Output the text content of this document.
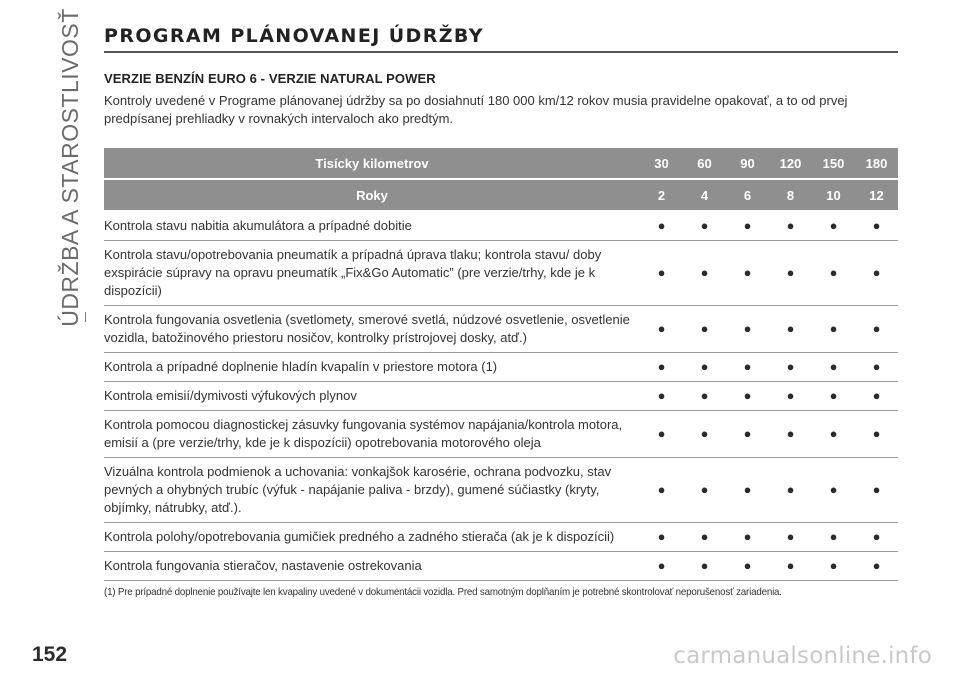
ÚDRŽBA A STAROSTLIVOSŤ PROGRAM PLÁNOVANEJ ÚDRŽBY
VERZIE BENZÍN EURO 6 - VERZIE NATURAL POWER
Kontroly uvedené v Programe plánovanej údržby sa po dosiahnutí 180 000 km/12 rokov musia pravidelne opakovať, a to od prvej predpísanej prehliadky v rovnakých intervaloch ako predtým.
Tisícky kilometrov	30	60	90	120	150	180
Roky	2	4	6	8	10	12
Kontrola stavu nabitia akumulátora a prípadné dobitie	●	●	●	●	●	●
Kontrola stavu/opotrebovania pneumatík a prípadná úprava tlaku; kontrola stavu/ doby exspirácie súpravy na opravu pneumatík „Fix&Go Automatic” (pre verzie/trhy, kde je k dispozícii)	●	●	●	●	●	●
Kontrola fungovania osvetlenia (svetlomety, smerové svetlá, núdzové osvetlenie, osvetlenie vozidla, batožinového priestoru nosičov, kontrolky prístrojovej dosky, atď.)	●	●	●	●	●	●
Kontrola a prípadné doplnenie hladín kvapalín v priestore motora (1)	●	●	●	●	●	●
Kontrola emisií/dymivosti výfukových plynov	●	●	●	●	●	●
Kontrola pomocou diagnostickej zásuvky fungovania systémov napájania/kontrola motora, emisií a (pre verzie/trhy, kde je k dispozícii) opotrebovania motorového oleja	●	●	●	●	●	●
Vizuálna kontrola podmienok a uchovania: vonkajšok karosérie, ochrana podvozku, stav pevných a ohybných trubíc (výfuk - napájanie paliva - brzdy), gumené súčiastky (kryty, objímky, nátrubky, atď.).	●	●	●	●	●	●
Kontrola polohy/opotrebovania gumičiek predného a zadného stierača (ak je k dispozícii)	●	●	●	●	●	●
Kontrola fungovania stieračov, nastavenie ostrekovania	●	●	●	●	●	●
(1) Pre prípadné doplnenie používajte len kvapaliny uvedené v dokumentácii vozidla. Pred samotným doplňaním je potrebné skontrolovať neporušenosť zariadenia.
152	carmanualsonline.info
